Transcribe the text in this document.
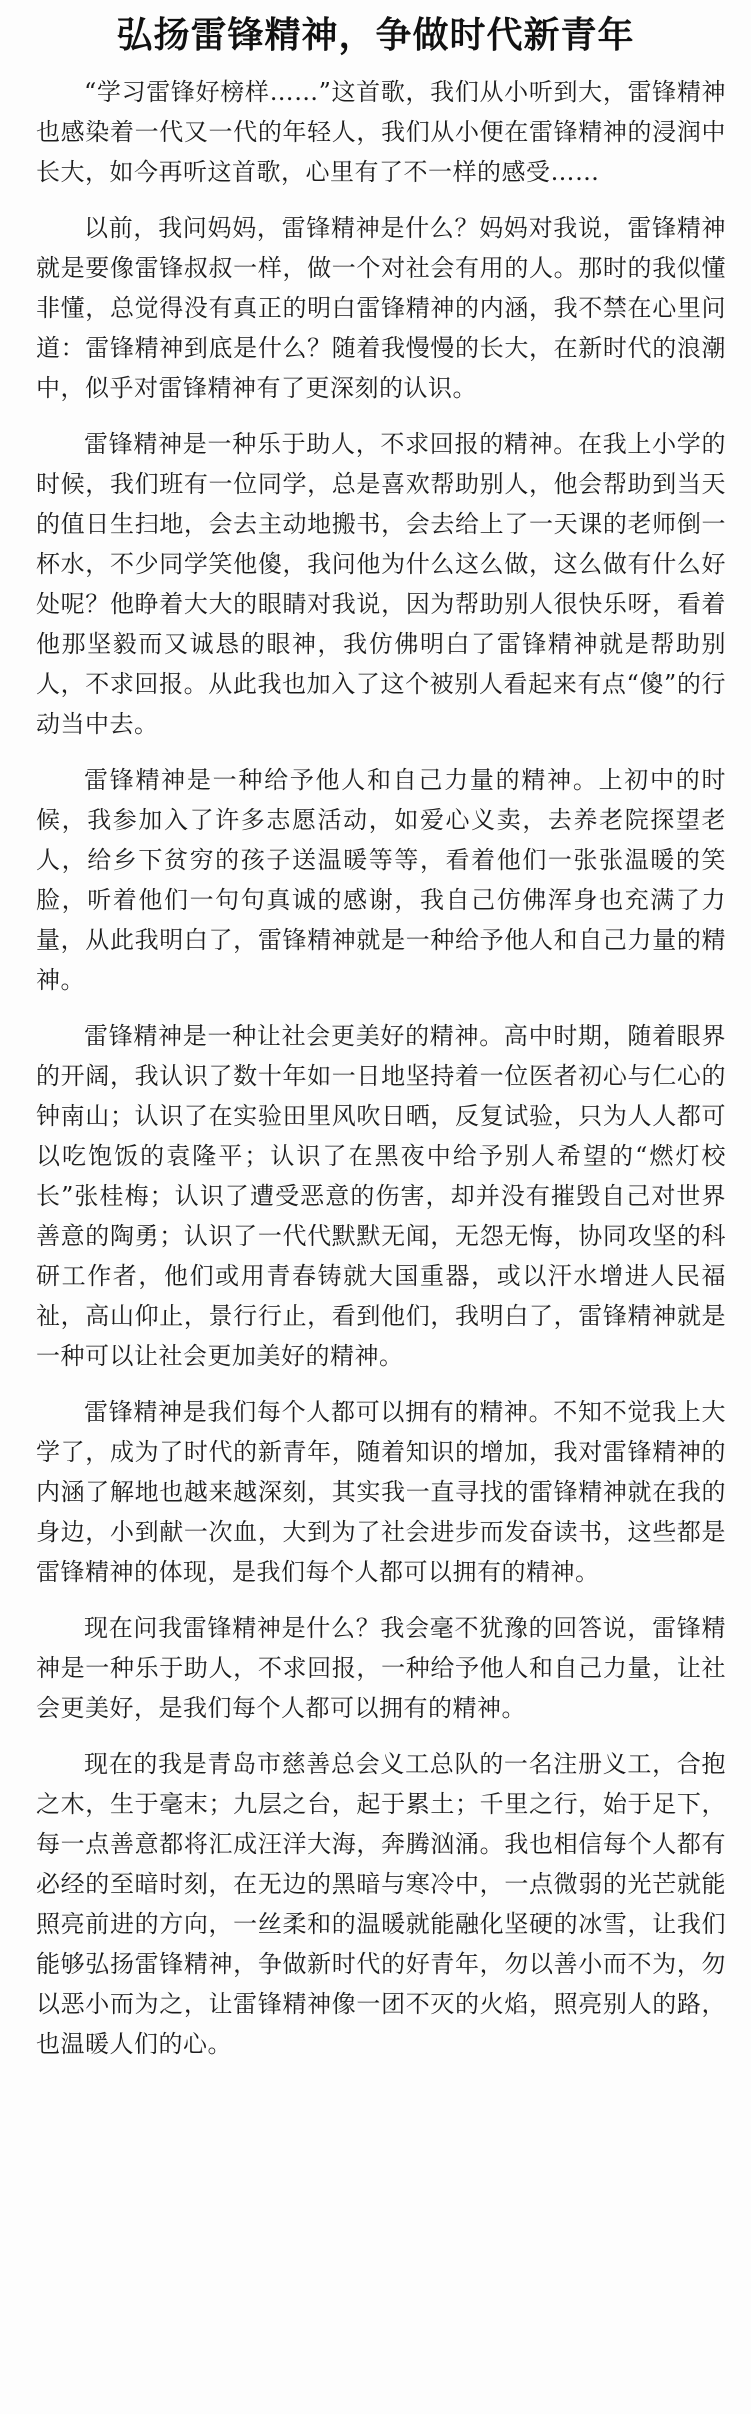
弘扬雷锋精神，争做时代新青年

“学习雷锋好榜样……”这首歌，我们从小听到大，雷锋精神也感染着一代又一代的年轻人，我们从小便在雷锋精神的浸润中长大，如今再听这首歌，心里有了不一样的感受……

以前，我问妈妈，雷锋精神是什么？妈妈对我说，雷锋精神就是要像雷锋叔叔一样，做一个对社会有用的人。那时的我似懂非懂，总觉得没有真正的明白雷锋精神的内涵，我不禁在心里问道：雷锋精神到底是什么？随着我慢慢的长大，在新时代的浪潮中，似乎对雷锋精神有了更深刻的认识。

雷锋精神是一种乐于助人，不求回报的精神。在我上小学的时候，我们班有一位同学，总是喜欢帮助别人，他会帮助到当天的值日生扫地，会去主动地搬书，会去给上了一天课的老师倒一杯水，不少同学笑他傻，我问他为什么这么做，这么做有什么好处呢？他睁着大大的眼睛对我说，因为帮助别人很快乐呀，看着他那坚毅而又诚恳的眼神，我仿佛明白了雷锋精神就是帮助别人，不求回报。从此我也加入了这个被别人看起来有点“傻”的行动当中去。

雷锋精神是一种给予他人和自己力量的精神。上初中的时候，我参加入了许多志愿活动，如爱心义卖，去养老院探望老人，给乡下贫穷的孩子送温暖等等，看着他们一张张温暖的笑脸，听着他们一句句真诚的感谢，我自己仿佛浑身也充满了力量，从此我明白了，雷锋精神就是一种给予他人和自己力量的精神。

雷锋精神是一种让社会更美好的精神。高中时期，随着眼界的开阔，我认识了数十年如一日地坚持着一位医者初心与仁心的钟南山；认识了在实验田里风吹日晒，反复试验，只为人人都可以吃饱饭的袁隆平；认识了在黑夜中给予别人希望的“燃灯校长”张桂梅；认识了遭受恶意的伤害，却并没有摧毁自己对世界善意的陶勇；认识了一代代默默无闻，无怨无悔，协同攻坚的科研工作者，他们或用青春铸就大国重器，或以汗水增进人民福祉，高山仰止，景行行止，看到他们，我明白了，雷锋精神就是一种可以让社会更加美好的精神。

雷锋精神是我们每个人都可以拥有的精神。不知不觉我上大学了，成为了时代的新青年，随着知识的增加，我对雷锋精神的内涵了解地也越来越深刻，其实我一直寻找的雷锋精神就在我的身边，小到献一次血，大到为了社会进步而发奋读书，这些都是雷锋精神的体现，是我们每个人都可以拥有的精神。

现在问我雷锋精神是什么？我会毫不犹豫的回答说，雷锋精神是一种乐于助人，不求回报，一种给予他人和自己力量，让社会更美好，是我们每个人都可以拥有的精神。

现在的我是青岛市慈善总会义工总队的一名注册义工，合抱之木，生于毫末；九层之台，起于累土；千里之行，始于足下，每一点善意都将汇成汪洋大海，奔腾汹涌。我也相信每个人都有必经的至暗时刻，在无边的黑暗与寒冷中，一点微弱的光芒就能照亮前进的方向，一丝柔和的温暖就能融化坚硬的冰雪，让我们能够弘扬雷锋精神，争做新时代的好青年，勿以善小而不为，勿以恶小而为之，让雷锋精神像一团不灭的火焰，照亮别人的路，也温暖人们的心。
